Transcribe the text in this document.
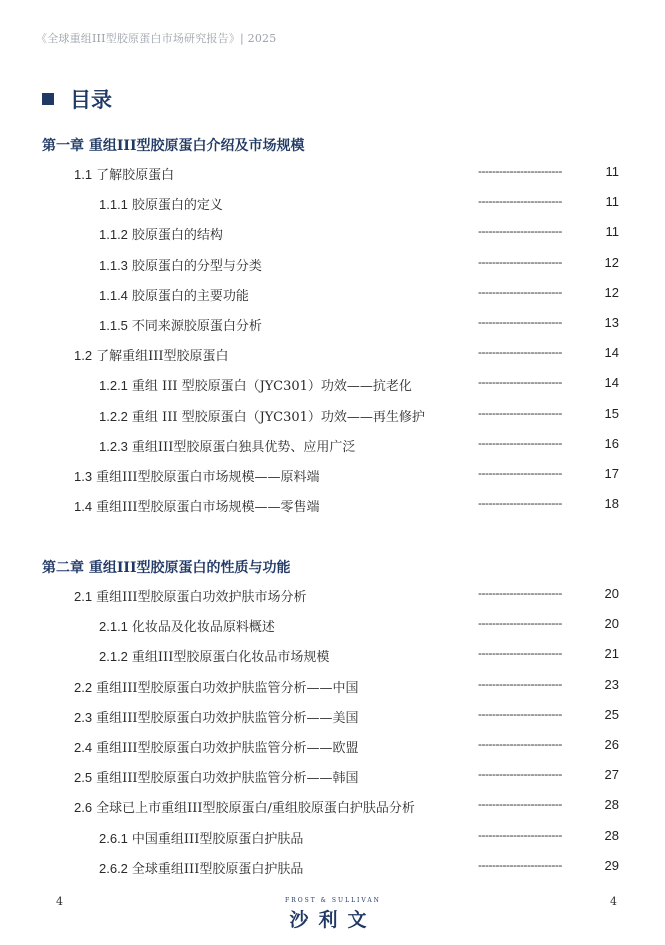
《全球重组III型胶原蛋白市场研究报告》| 2025
目录
第一章 重组III型胶原蛋白介绍及市场规模
1.1 了解胶原蛋白	------------------------	11
1.1.1 胶原蛋白的定义	------------------------	11
1.1.2 胶原蛋白的结构	------------------------	11
1.1.3 胶原蛋白的分型与分类	------------------------	12
1.1.4 胶原蛋白的主要功能	------------------------	12
1.1.5 不同来源胶原蛋白分析	------------------------	13
1.2 了解重组III型胶原蛋白	------------------------	14
1.2.1 重组 III 型胶原蛋白（JYC301）功效——抗老化	------------------------	14
1.2.2 重组 III 型胶原蛋白（JYC301）功效——再生修护	------------------------	15
1.2.3 重组III型胶原蛋白独具优势、应用广泛	------------------------	16
1.3 重组III型胶原蛋白市场规模——原料端	------------------------	17
1.4 重组III型胶原蛋白市场规模——零售端	------------------------	18
第二章 重组III型胶原蛋白的性质与功能
2.1 重组III型胶原蛋白功效护肤市场分析	------------------------	20
2.1.1 化妆品及化妆品原料概述	------------------------	20
2.1.2 重组III型胶原蛋白化妆品市场规模	------------------------	21
2.2 重组III型胶原蛋白功效护肤监管分析——中国	------------------------	23
2.3 重组III型胶原蛋白功效护肤监管分析——美国	------------------------	25
2.4 重组III型胶原蛋白功效护肤监管分析——欧盟	------------------------	26
2.5 重组III型胶原蛋白功效护肤监管分析——韩国	------------------------	27
2.6 全球已上市重组III型胶原蛋白/重组胶原蛋白护肤品分析	------------------------	28
2.6.1 中国重组III型胶原蛋白护肤品	------------------------	28
2.6.2 全球重组III型胶原蛋白护肤品	------------------------	29
4	FROST & SULLIVAN
沙利文
4
